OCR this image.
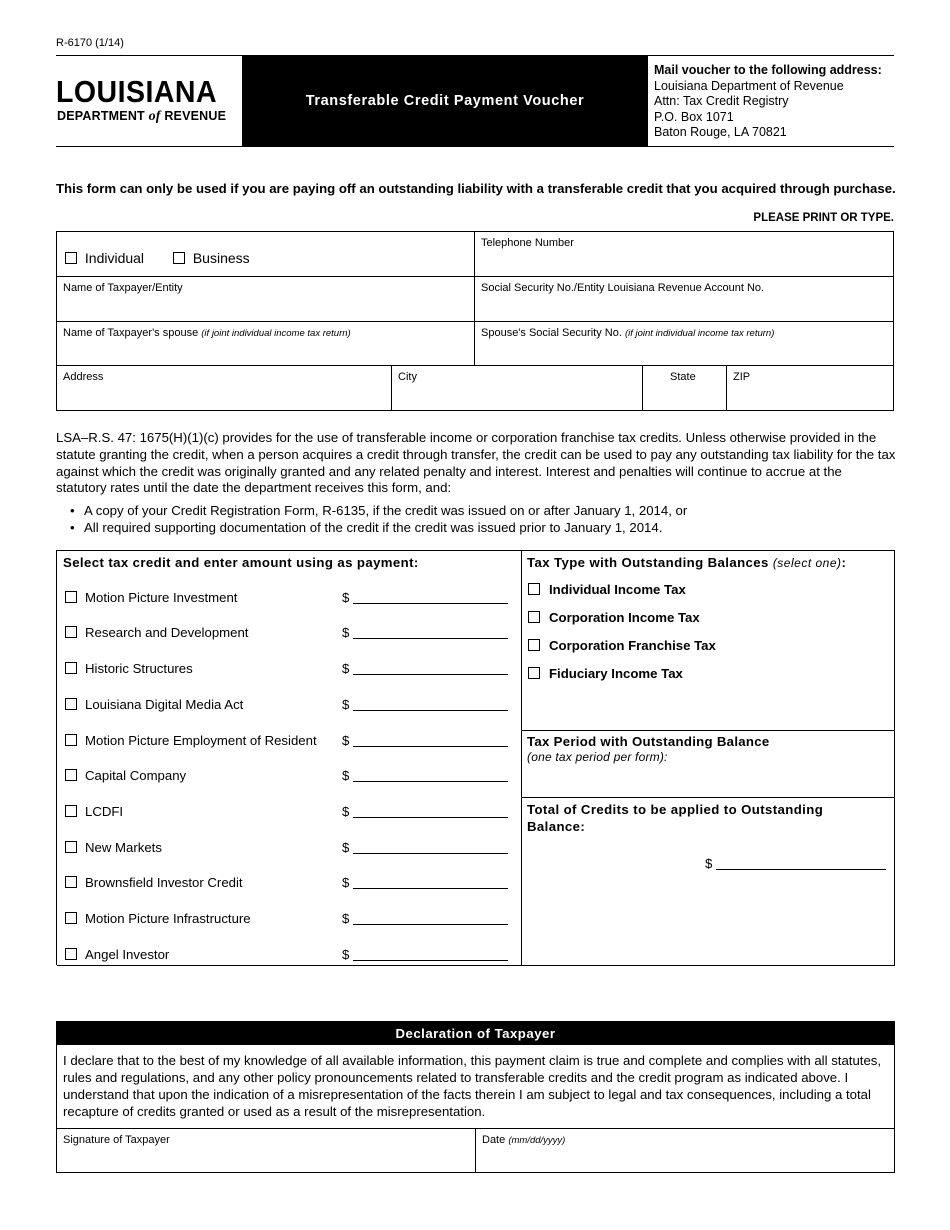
R-6170 (1/14)
LOUISIANA
DEPARTMENT of REVENUE
Transferable Credit Payment Voucher
Mail voucher to the following address:
Louisiana Department of Revenue
Attn: Tax Credit Registry
P.O. Box 1071
Baton Rouge, LA 70821
This form can only be used if you are paying off an outstanding liability with a transferable credit that you acquired through purchase.
PLEASE PRINT OR TYPE.
Individual	Business
Telephone Number
Name of Taxpayer/Entity	Social Security No./Entity Louisiana Revenue Account No.
Name of Taxpayer's spouse (if joint individual income tax return)	Spouse's Social Security No. (if joint individual income tax return)
Address	City	State	ZIP
LSA–R.S. 47: 1675(H)(1)(c) provides for the use of transferable income or corporation franchise tax credits. Unless otherwise provided in the statute granting the credit, when a person acquires a credit through transfer, the credit can be used to pay any outstanding tax liability for the tax against which the credit was originally granted and any related penalty and interest. Interest and penalties will continue to accrue at the statutory rates until the date the department receives this form, and:
• A copy of your Credit Registration Form, R-6135, if the credit was issued on or after January 1, 2014, or
• All required supporting documentation of the credit if the credit was issued prior to January 1, 2014.
Select tax credit and enter amount using as payment:
Motion Picture Investment	$
Research and Development	$
Historic Structures	$
Louisiana Digital Media Act	$
Motion Picture Employment of Resident $
Capital Company	$
LCDFI	$
New Markets	$
Brownsfield Investor Credit	$
Motion Picture Infrastructure	$
Angel Investor	$
Tax Type with Outstanding Balances (select one):
Individual Income Tax
Corporation Income Tax
Corporation Franchise Tax
Fiduciary Income Tax
Tax Period with Outstanding Balance
(one tax period per form):
Total of Credits to be applied to Outstanding Balance:
$
Declaration of Taxpayer
I declare that to the best of my knowledge of all available information, this payment claim is true and complete and complies with all statutes, rules and regulations, and any other policy pronouncements related to transferable credits and the credit program as indicated above. I understand that upon the indication of a misrepresentation of the facts therein I am subject to legal and tax consequences, including a total recapture of credits granted or used as a result of the misrepresentation.
Signature of Taxpayer	Date (mm/dd/yyyy)
